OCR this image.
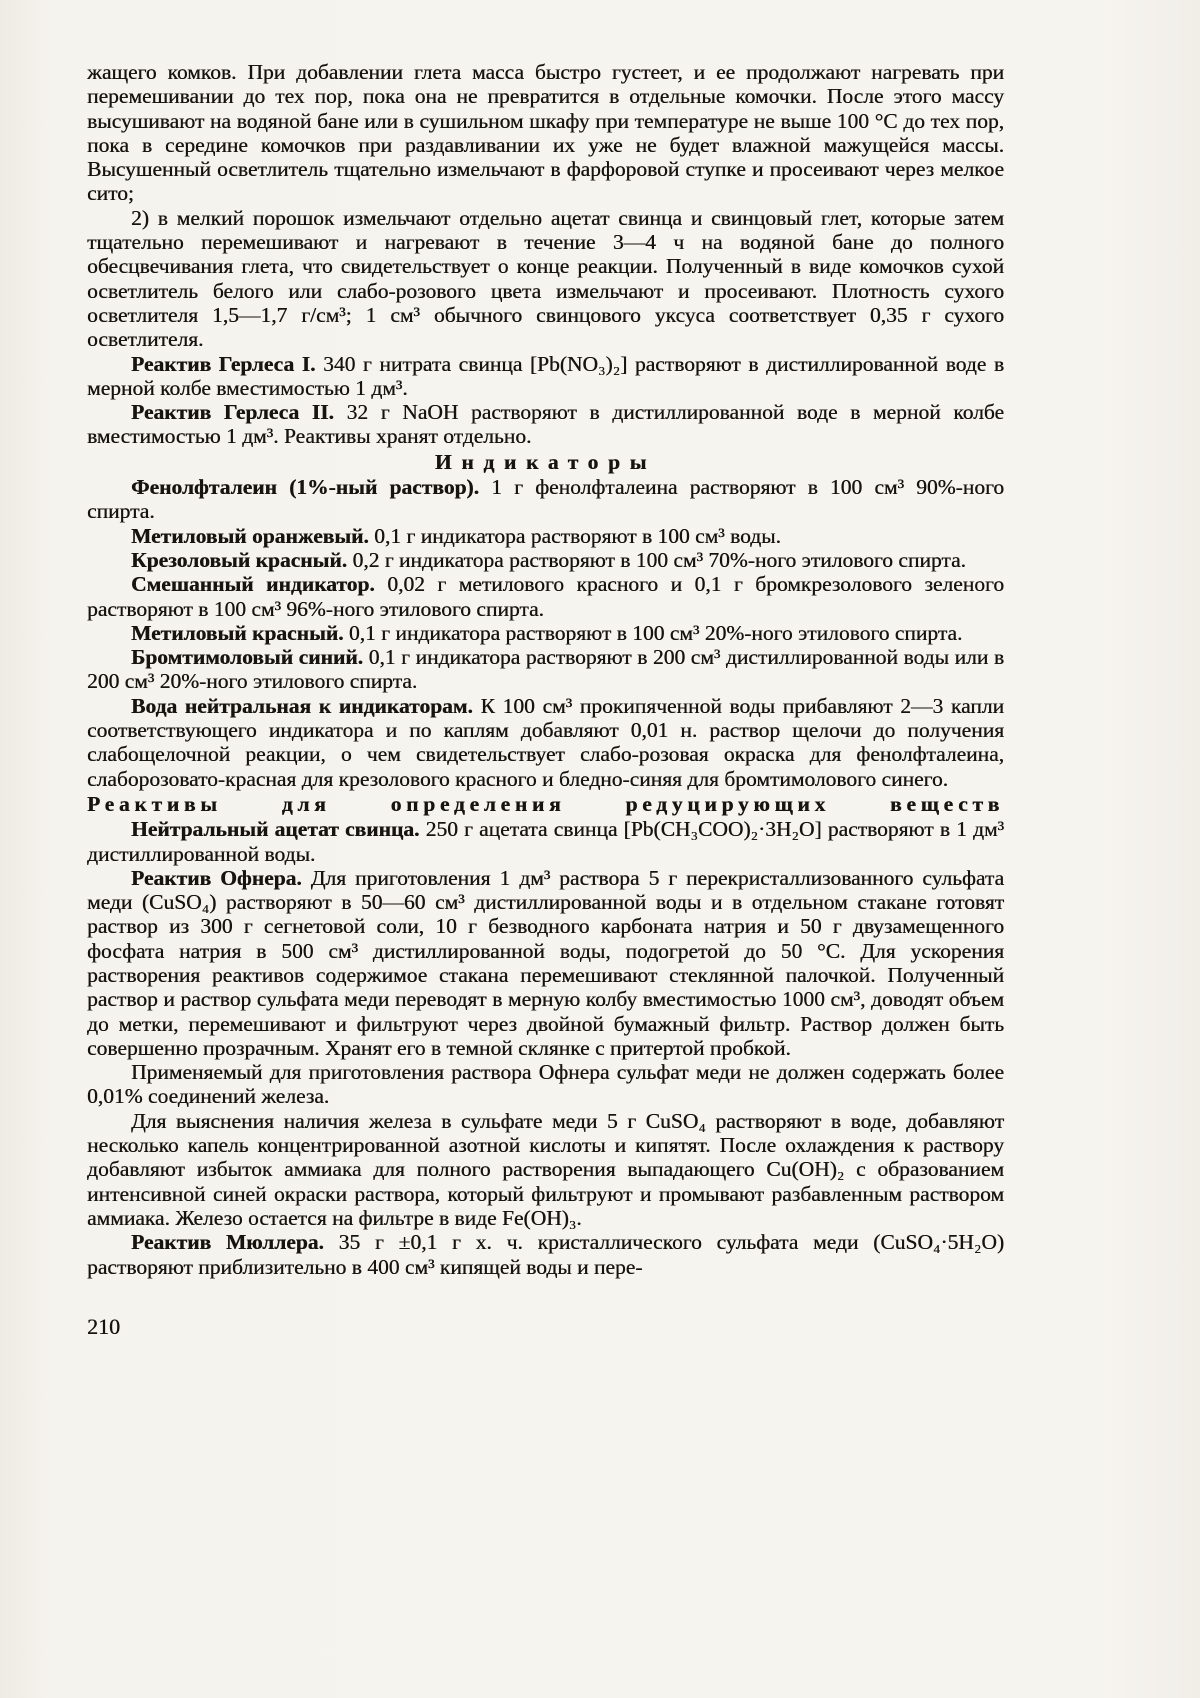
жащего комков. При добавлении глета масса быстро густеет, и ее продолжают нагревать при перемешивании до тех пор, пока она не превратится в отдельные комочки. После этого массу высушивают на водяной бане или в сушильном шкафу при температуре не выше 100 °С до тех пор, пока в середине комочков при раздавливании их уже не будет влажной мажущейся массы. Высушенный осветлитель тщательно измельчают в фарфоровой ступке и просеивают через мелкое сито;

2) в мелкий порошок измельчают отдельно ацетат свинца и свинцовый глет, которые затем тщательно перемешивают и нагревают в течение 3—4 ч на водяной бане до полного обесцвечивания глета, что свидетельствует о конце реакции. Полученный в виде комочков сухой осветлитель белого или слабо-розового цвета измельчают и просеивают. Плотность сухого осветлителя 1,5—1,7 г/см³; 1 см³ обычного свинцового уксуса соответствует 0,35 г сухого осветлителя.

Реактив Герлеса I. 340 г нитрата свинца [Pb(NO₃)₂] растворяют в дистиллированной воде в мерной колбе вместимостью 1 дм³.

Реактив Герлеса II. 32 г NaOH растворяют в дистиллированной воде в мерной колбе вместимостью 1 дм³. Реактивы хранят отдельно.

Индикаторы

Фенолфталеин (1%-ный раствор). 1 г фенолфталеина растворяют в 100 см³ 90%-ного спирта.

Метиловый оранжевый. 0,1 г индикатора растворяют в 100 см³ воды.

Крезоловый красный. 0,2 г индикатора растворяют в 100 см³ 70%-ного этилового спирта.

Смешанный индикатор. 0,02 г метилового красного и 0,1 г бромкрезолового зеленого растворяют в 100 см³ 96%-ного этилового спирта.

Метиловый красный. 0,1 г индикатора растворяют в 100 см³ 20%-ного этилового спирта.

Бромтимоловый синий. 0,1 г индикатора растворяют в 200 см³ дистиллированной воды или в 200 см³ 20%-ного этилового спирта.

Вода нейтральная к индикаторам. К 100 см³ прокипяченной воды прибавляют 2—3 капли соответствующего индикатора и по каплям добавляют 0,01 н. раствор щелочи до получения слабощелочной реакции, о чем свидетельствует слабо-розовая окраска для фенолфталеина, слаборозовато-красная для крезолового красного и бледно-синяя для бромтимолового синего.

Реактивы для определения редуцирующих веществ

Нейтральный ацетат свинца. 250 г ацетата свинца [Pb(CH₃COO)₂·3H₂O] растворяют в 1 дм³ дистиллированной воды.

Реактив Офнера. Для приготовления 1 дм³ раствора 5 г перекристаллизованного сульфата меди (CuSO₄) растворяют в 50—60 см³ дистиллированной воды и в отдельном стакане готовят раствор из 300 г сегнетовой соли, 10 г безводного карбоната натрия и 50 г двузамещенного фосфата натрия в 500 см³ дистиллированной воды, подогретой до 50 °С. Для ускорения растворения реактивов содержимое стакана перемешивают стеклянной палочкой. Полученный раствор и раствор сульфата меди переводят в мерную колбу вместимостью 1000 см³, доводят объем до метки, перемешивают и фильтруют через двойной бумажный фильтр. Раствор должен быть совершенно прозрачным. Хранят его в темной склянке с притертой пробкой.

Применяемый для приготовления раствора Офнера сульфат меди не должен содержать более 0,01% соединений железа.

Для выяснения наличия железа в сульфате меди 5 г CuSO₄ растворяют в воде, добавляют несколько капель концентрированной азотной кислоты и кипятят. После охлаждения к раствору добавляют избыток аммиака для полного растворения выпадающего Cu(OH)₂ с образованием интенсивной синей окраски раствора, который фильтруют и промывают разбавленным раствором аммиака. Железо остается на фильтре в виде Fe(OH)₃.

Реактив Мюллера. 35 г ±0,1 г х. ч. кристаллического сульфата меди (CuSO₄·5H₂O) растворяют приблизительно в 400 см³ кипящей воды и пере-

210
